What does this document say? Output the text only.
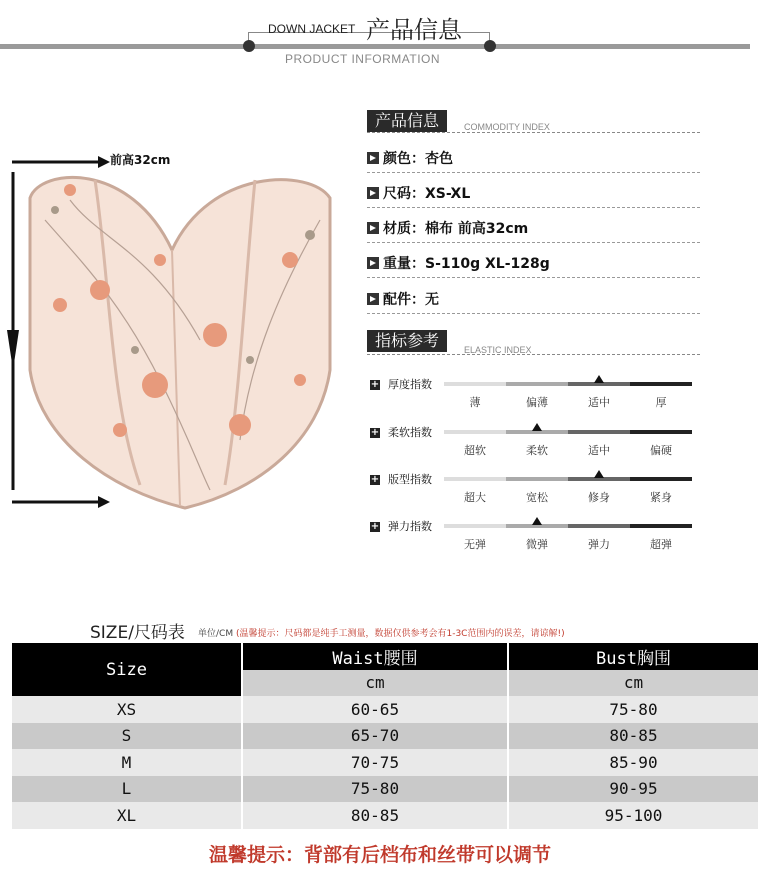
DOWN JACKET 产品信息
PRODUCT INFORMATION
前高32cm
产品信息	COMMODITY INDEX
颜色：杏色
尺码：XS-XL
材质：棉布 前高32cm
重量：S-110g XL-128g
配件：无
指标参考	ELASTIC INDEX
+ 厚度指数
薄	偏薄	适中	厚
+ 柔软指数
超软	柔软	适中	偏硬
+ 版型指数
超大	宽松	修身	紧身
+ 弹力指数
无弹	微弹	弹力	超弹
SIZE/尺码表 单位/CM (温馨提示：尺码都是纯手工测量，数据仅供参考会有1-3C范围内的误差，请谅解!)
Size	Waist腰围	Bust胸围
	cm	cm
XS	60-65	75-80
S	65-70	80-85
M	70-75	85-90
L	75-80	90-95
XL	80-85	95-100
温馨提示：背部有后档布和丝带可以调节
